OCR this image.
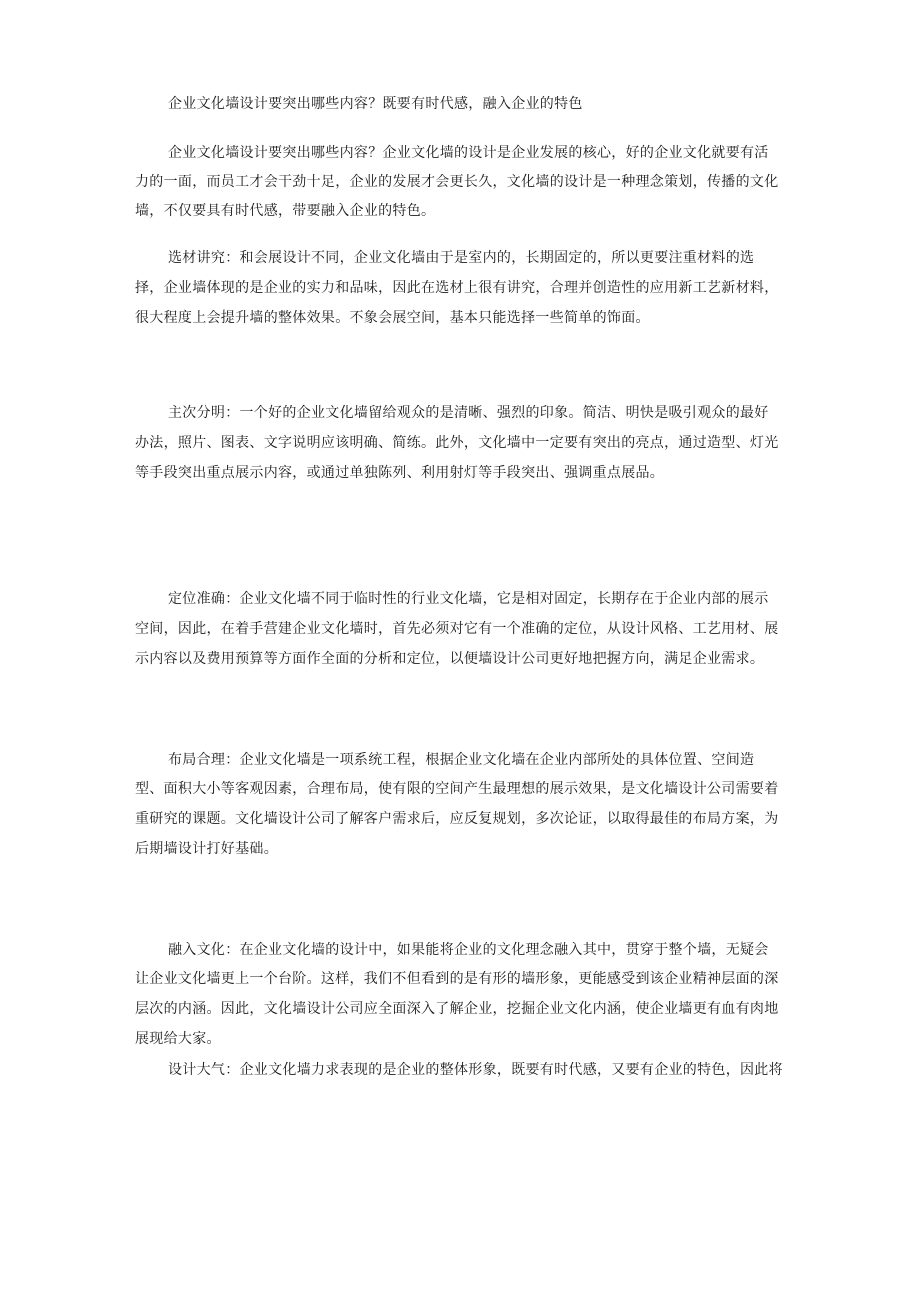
企业文化墙设计要突出哪些内容？既要有时代感，融入企业的特色
企业文化墙设计要突出哪些内容？企业文化墙的设计是企业发展的核心，好的企业文化就要有活
力的一面，而员工才会干劲十足，企业的发展才会更长久，文化墙的设计是一种理念策划，传播的文化
墙，不仅要具有时代感，带要融入企业的特色。
选材讲究：和会展设计不同，企业文化墙由于是室内的，长期固定的，所以更要注重材料的选
择，企业墙体现的是企业的实力和品味，因此在选材上很有讲究，合理并创造性的应用新工艺新材料，
很大程度上会提升墙的整体效果。不象会展空间，基本只能选择一些简单的饰面。
主次分明：一个好的企业文化墙留给观众的是清晰、强烈的印象。简洁、明快是吸引观众的最好
办法，照片、图表、文字说明应该明确、简练。此外，文化墙中一定要有突出的亮点，通过造型、灯光
等手段突出重点展示内容，或通过单独陈列、利用射灯等手段突出、强调重点展品。
定位准确：企业文化墙不同于临时性的行业文化墙，它是相对固定，长期存在于企业内部的展示
空间，因此，在着手营建企业文化墙时，首先必须对它有一个准确的定位，从设计风格、工艺用材、展
示内容以及费用预算等方面作全面的分析和定位，以便墙设计公司更好地把握方向，满足企业需求。
布局合理：企业文化墙是一项系统工程，根据企业文化墙在企业内部所处的具体位置、空间造
型、面积大小等客观因素，合理布局，使有限的空间产生最理想的展示效果，是文化墙设计公司需要着
重研究的课题。文化墙设计公司了解客户需求后，应反复规划，多次论证，以取得最佳的布局方案，为
后期墙设计打好基础。
融入文化：在企业文化墙的设计中，如果能将企业的文化理念融入其中，贯穿于整个墙，无疑会
让企业文化墙更上一个台阶。这样，我们不但看到的是有形的墙形象，更能感受到该企业精神层面的深
层次的内涵。因此，文化墙设计公司应全面深入了解企业，挖掘企业文化内涵，使企业墙更有血有肉地
展现给大家。
设计大气：企业文化墙力求表现的是企业的整体形象，既要有时代感，又要有企业的特色，因此将
